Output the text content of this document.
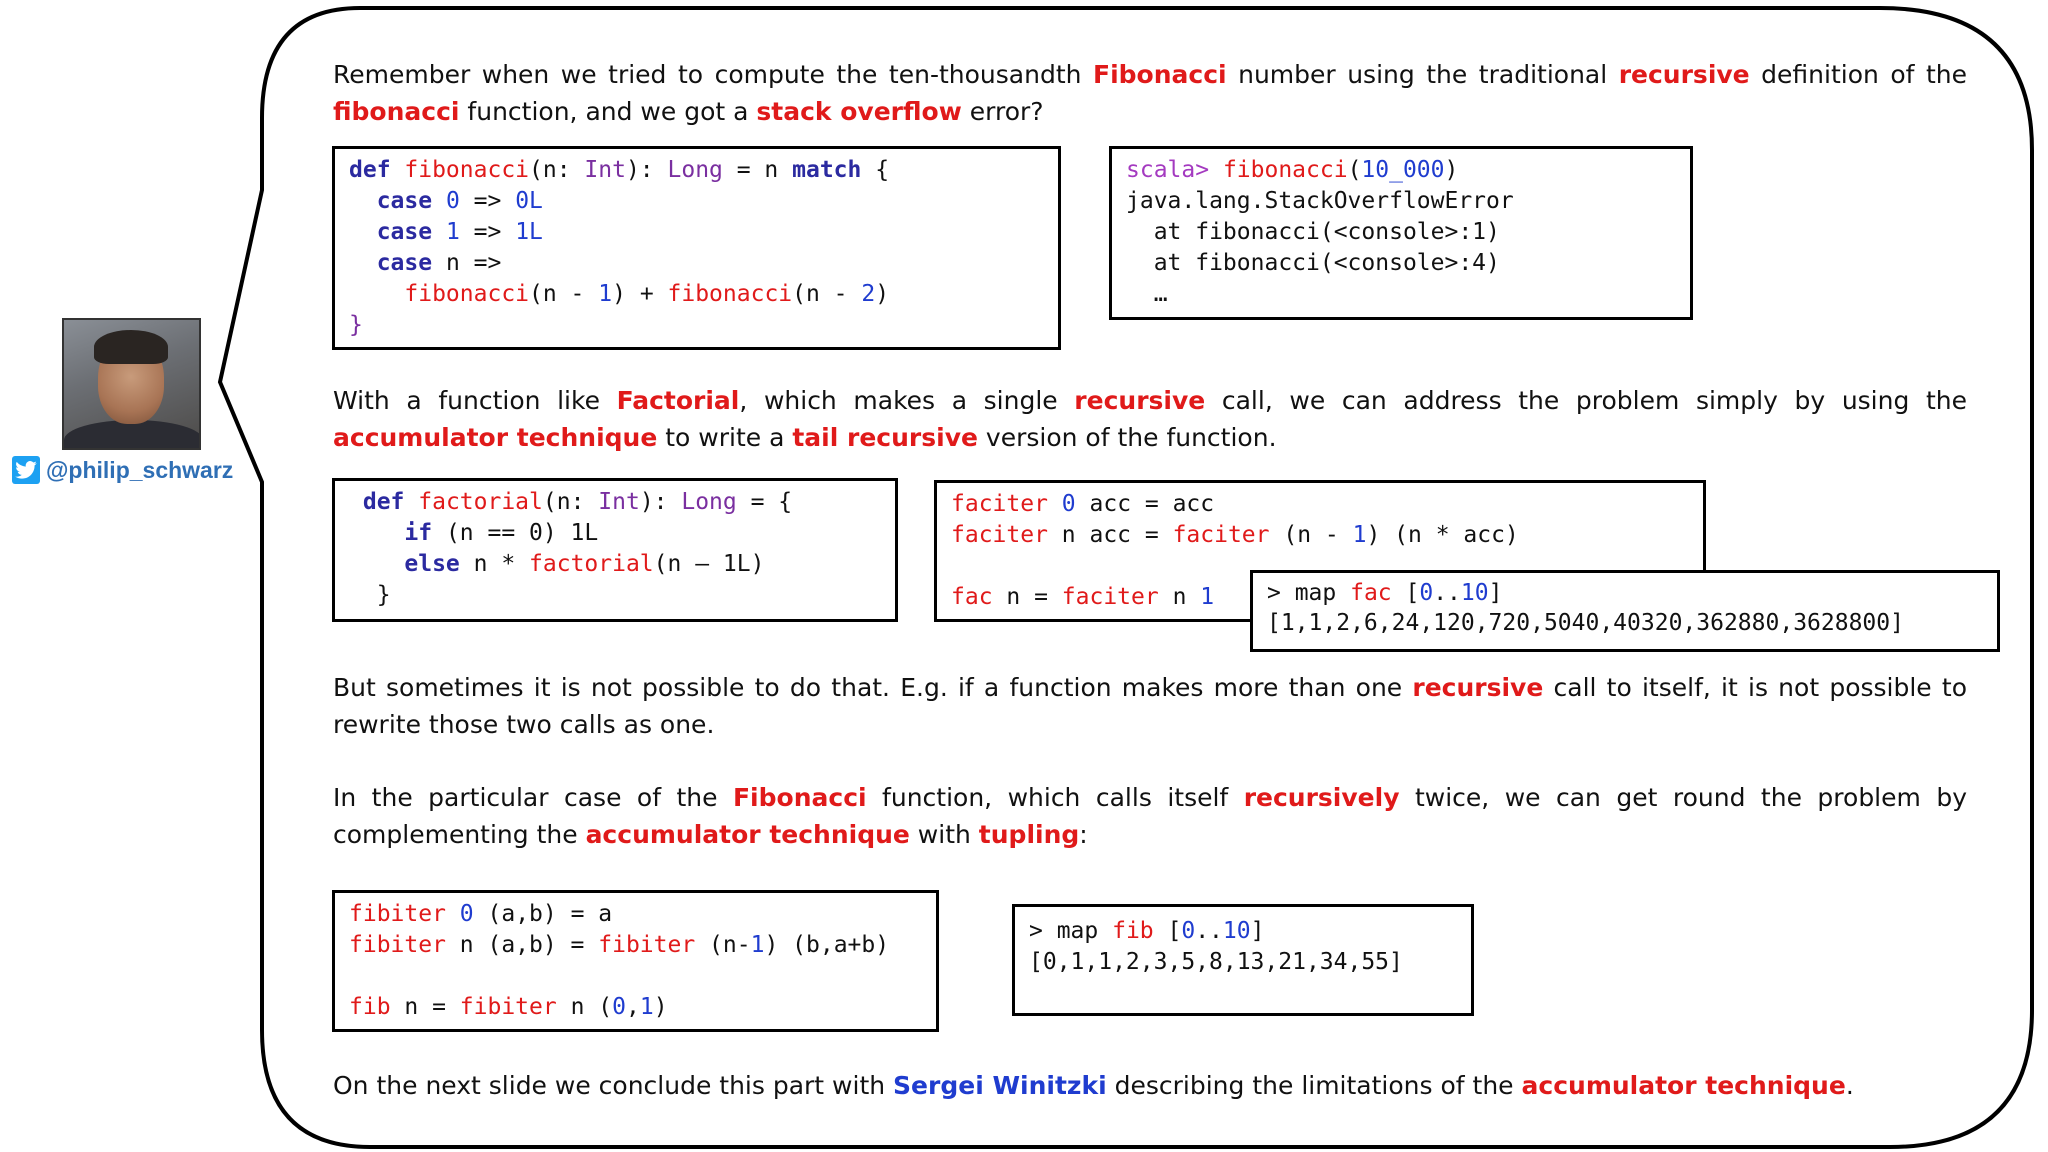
@philip_schwarz
Remember when we tried to compute the ten-thousandth Fibonacci number using the traditional recursive definition of the fibonacci function, and we got a stack overflow error?
def fibonacci(n: Int): Long = n match {
case 0 => 0L
case 1 => 1L
case n =>
fibonacci(n - 1) + fibonacci(n - 2)
}
scala> fibonacci(10_000)
java.lang.StackOverflowError
at fibonacci(<console>:1)
at fibonacci(<console>:4)
…
With a function like Factorial, which makes a single recursive call, we can address the problem simply by using the accumulator technique to write a tail recursive version of the function.
def factorial(n: Int): Long = {
if (n == 0) 1L
else n * factorial(n – 1L)
}
faciter 0 acc = acc
faciter n acc = faciter (n - 1) (n * acc)

fac n = faciter n 1	> map fac [0..10]
[1,1,2,6,24,120,720,5040,40320,362880,3628800]
But sometimes it is not possible to do that. E.g. if a function makes more than one recursive call to itself, it is not possible to rewrite those two calls as one.
In the particular case of the Fibonacci function, which calls itself recursively twice, we can get round the problem by complementing the accumulator technique with tupling:
fibiter 0 (a,b) = a
fibiter n (a,b) = fibiter (n-1) (b,a+b)

fib n = fibiter n (0,1)
> map fib [0..10]
[0,1,1,2,3,5,8,13,21,34,55]
On the next slide we conclude this part with Sergei Winitzki describing the limitations of the accumulator technique.
